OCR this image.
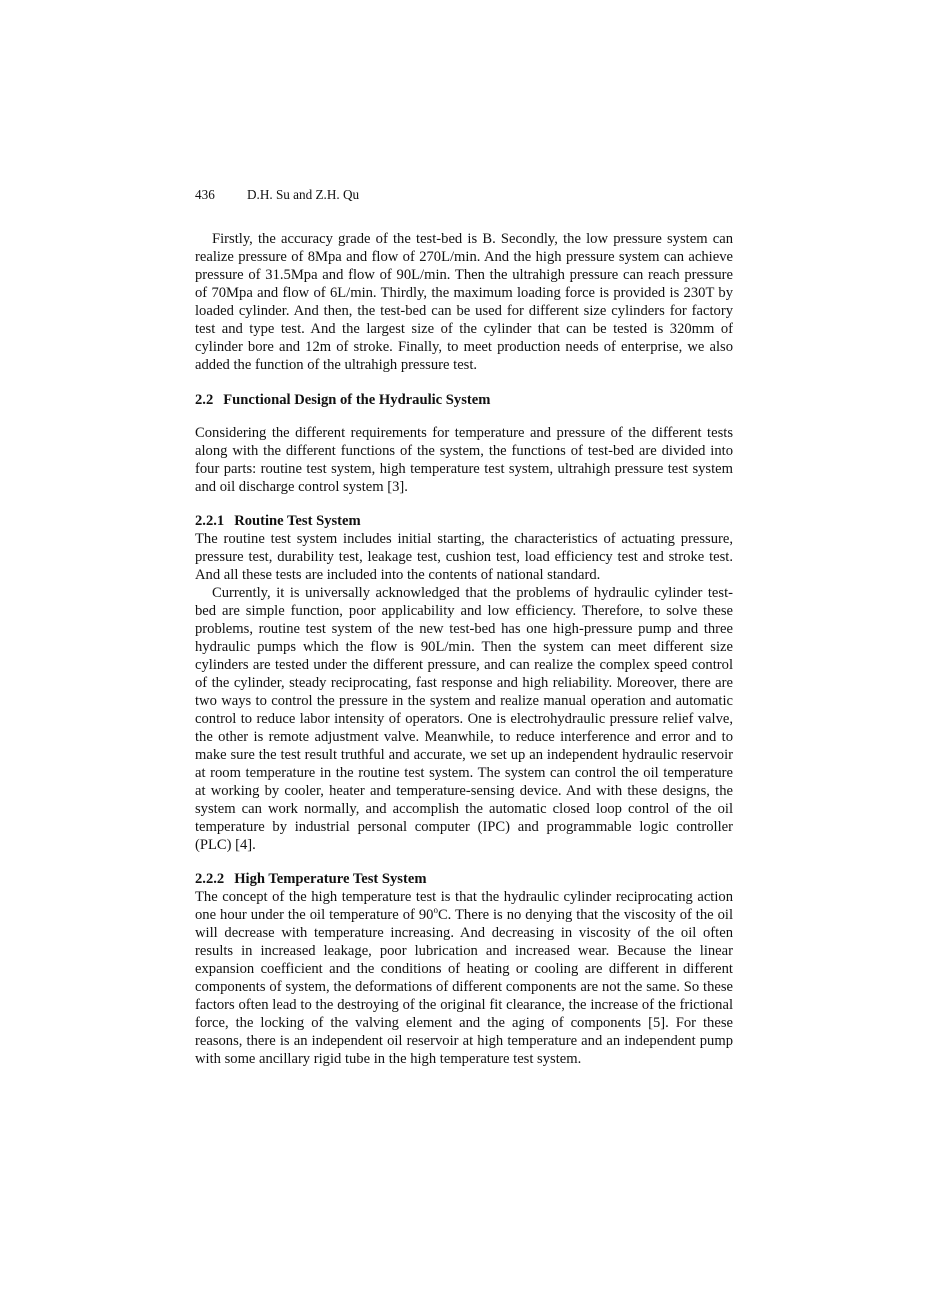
436 D.H. Su and Z.H. Qu

Firstly, the accuracy grade of the test-bed is B. Secondly, the low pressure system can realize pressure of 8Mpa and flow of 270L/min. And the high pressure system can achieve pressure of 31.5Mpa and flow of 90L/min. Then the ultrahigh pressure can reach pressure of 70Mpa and flow of 6L/min. Thirdly, the maximum loading force is provided is 230T by loaded cylinder. And then, the test-bed can be used for different size cylinders for factory test and type test. And the largest size of the cylinder that can be tested is 320mm of cylinder bore and 12m of stroke. Finally, to meet production needs of enterprise, we also added the function of the ultrahigh pressure test.

2.2 Functional Design of the Hydraulic System

Considering the different requirements for temperature and pressure of the different tests along with the different functions of the system, the functions of test-bed are divided into four parts: routine test system, high temperature test system, ultrahigh pressure test system and oil discharge control system [3].

2.2.1 Routine Test System

The routine test system includes initial starting, the characteristics of actuating pressure, pressure test, durability test, leakage test, cushion test, load efficiency test and stroke test. And all these tests are included into the contents of national standard.

Currently, it is universally acknowledged that the problems of hydraulic cylinder test-bed are simple function, poor applicability and low efficiency. Therefore, to solve these problems, routine test system of the new test-bed has one high-pressure pump and three hydraulic pumps which the flow is 90L/min. Then the system can meet different size cylinders are tested under the different pressure, and can realize the complex speed control of the cylinder, steady reciprocating, fast response and high reliability. Moreover, there are two ways to control the pressure in the system and realize manual operation and automatic control to reduce labor intensity of operators. One is electrohydraulic pressure relief valve, the other is remote adjustment valve. Meanwhile, to reduce interference and error and to make sure the test result truthful and accurate, we set up an independent hydraulic reservoir at room temperature in the routine test system. The system can control the oil temperature at working by cooler, heater and temperature-sensing device. And with these designs, the system can work normally, and accomplish the automatic closed loop control of the oil temperature by industrial personal computer (IPC) and programmable logic controller (PLC) [4].

2.2.2 High Temperature Test System

The concept of the high temperature test is that the hydraulic cylinder reciprocating action one hour under the oil temperature of 90$^o$C. There is no denying that the viscosity of the oil will decrease with temperature increasing. And decreasing in viscosity of the oil often results in increased leakage, poor lubrication and increased wear. Because the linear expansion coefficient and the conditions of heating or cooling are different in different components of system, the deformations of different components are not the same. So these factors often lead to the destroying of the original fit clearance, the increase of the frictional force, the locking of the valving element and the aging of components [5]. For these reasons, there is an independent oil reservoir at high temperature and an independent pump with some ancillary rigid tube in the high temperature test system.
